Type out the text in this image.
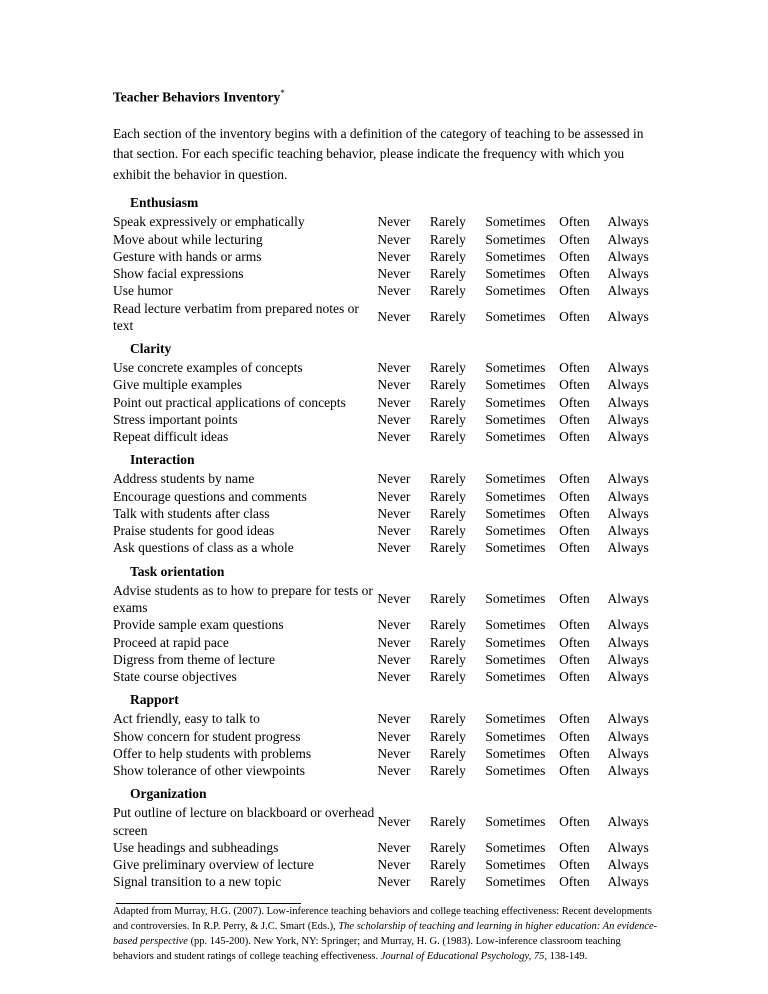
Teacher Behaviors Inventory*

Each section of the inventory begins with a definition of the category of teaching to be assessed in that section. For each specific teaching behavior, please indicate the frequency with which you exhibit the behavior in question.

Enthusiasm
Speak expressively or emphatically	Never	Rarely	Sometimes	Often	Always
Move about while lecturing	Never	Rarely	Sometimes	Often	Always
Gesture with hands or arms	Never	Rarely	Sometimes	Often	Always
Show facial expressions	Never	Rarely	Sometimes	Often	Always
Use humor	Never	Rarely	Sometimes	Often	Always
Read lecture verbatim from prepared notes or text	Never	Rarely	Sometimes	Often	Always
Clarity
Use concrete examples of concepts	Never	Rarely	Sometimes	Often	Always
Give multiple examples	Never	Rarely	Sometimes	Often	Always
Point out practical applications of concepts	Never	Rarely	Sometimes	Often	Always
Stress important points	Never	Rarely	Sometimes	Often	Always
Repeat difficult ideas	Never	Rarely	Sometimes	Often	Always
Interaction
Address students by name	Never	Rarely	Sometimes	Often	Always
Encourage questions and comments	Never	Rarely	Sometimes	Often	Always
Talk with students after class	Never	Rarely	Sometimes	Often	Always
Praise students for good ideas	Never	Rarely	Sometimes	Often	Always
Ask questions of class as a whole	Never	Rarely	Sometimes	Often	Always
Task orientation
Advise students as to how to prepare for tests or exams	Never	Rarely	Sometimes	Often	Always
Provide sample exam questions	Never	Rarely	Sometimes	Often	Always
Proceed at rapid pace	Never	Rarely	Sometimes	Often	Always
Digress from theme of lecture	Never	Rarely	Sometimes	Often	Always
State course objectives	Never	Rarely	Sometimes	Often	Always
Rapport
Act friendly, easy to talk to	Never	Rarely	Sometimes	Often	Always
Show concern for student progress	Never	Rarely	Sometimes	Often	Always
Offer to help students with problems	Never	Rarely	Sometimes	Often	Always
Show tolerance of other viewpoints	Never	Rarely	Sometimes	Often	Always
Organization
Put outline of lecture on blackboard or overhead screen	Never	Rarely	Sometimes	Often	Always
Use headings and subheadings	Never	Rarely	Sometimes	Often	Always
Give preliminary overview of lecture	Never	Rarely	Sometimes	Often	Always
Signal transition to a new topic	Never	Rarely	Sometimes	Often	Always
Adapted from Murray, H.G. (2007). Low-inference teaching behaviors and college teaching effectiveness: Recent developments and controversies. In R.P. Perry, & J.C. Smart (Eds.), The scholarship of teaching and learning in higher education: An evidence-based perspective (pp. 145-200). New York, NY: Springer; and Murray, H. G. (1983). Low-inference classroom teaching behaviors and student ratings of college teaching effectiveness. Journal of Educational Psychology, 75, 138-149.
